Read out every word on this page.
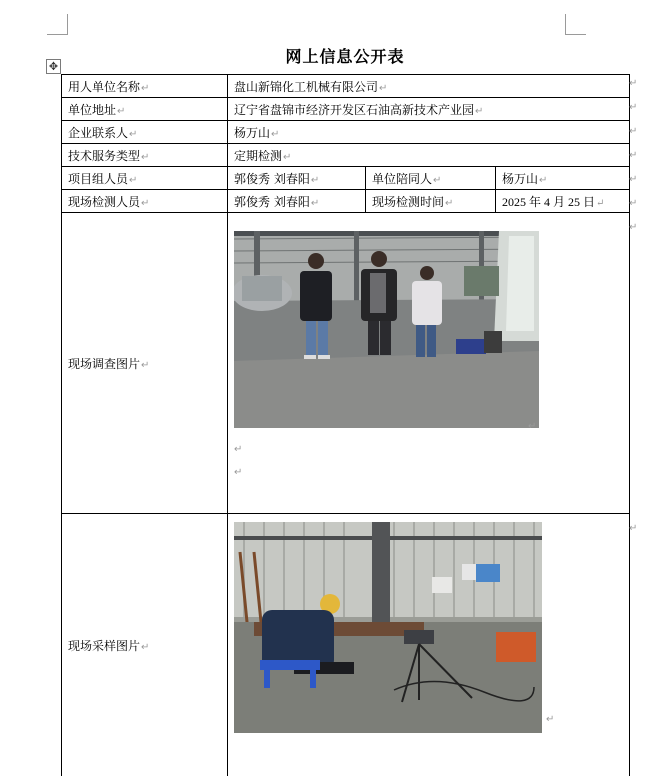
✥
网上信息公开表
用人单位名称↵	盘山新锦化工机械有限公司↵		
单位地址↵	辽宁省盘锦市经济开发区石油高新技术产业园↵		
企业联系人↵	杨万山↵		
技术服务类型↵	定期检测↵		
项目组人员↵	郭俊秀 刘春阳↵	单位陪同人↵	杨万山↵
现场检测人员↵	郭俊秀 刘春阳↵	现场检测时间↵	2025 年 4 月 25 日↵
现场调查图片↵	↵
↵
↵		

现场采样图片↵	↵		
↵
↵
↵
↵
↵
↵
↵
↵
